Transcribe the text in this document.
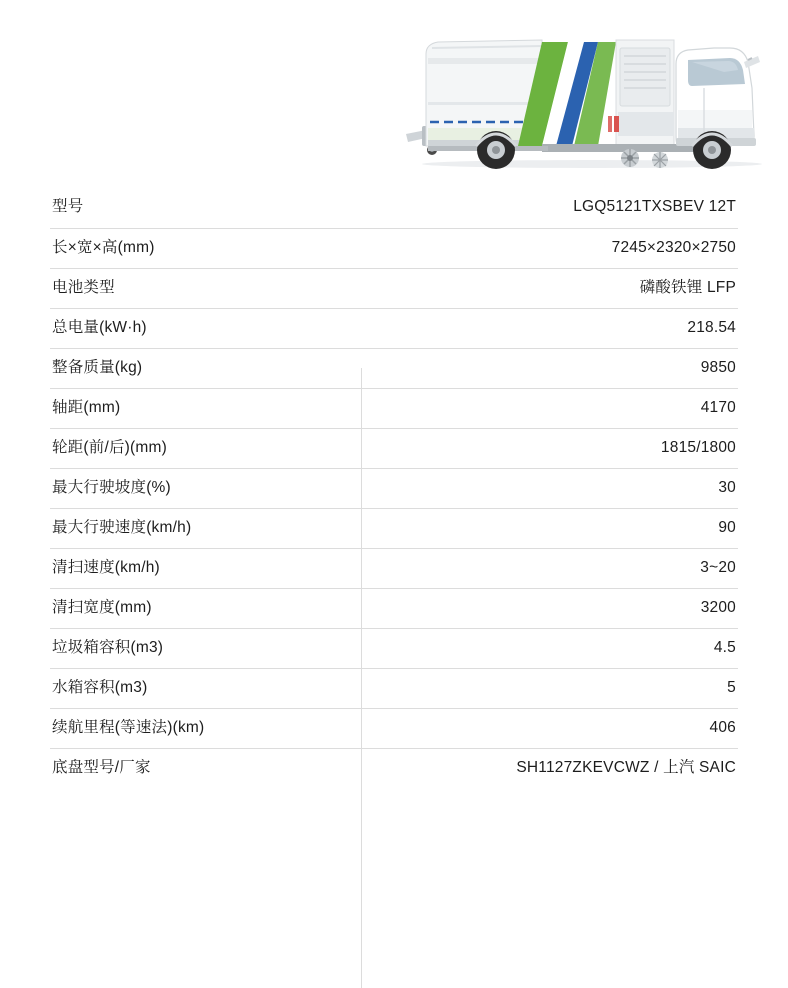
型号	LGQ5121TXSBEV 12T
长×宽×高(mm)	7245×2320×2750
电池类型	磷酸铁锂 LFP
总电量(kW·h)	218.54
整备质量(kg)	9850
轴距(mm)	4170
轮距(前/后)(mm)	1815/1800
最大行驶坡度(%)	30
最大行驶速度(km/h)	90
清扫速度(km/h)	3~20
清扫宽度(mm)	3200
垃圾箱容积(m3)	4.5
水箱容积(m3)	5
续航里程(等速法)(km)	406
底盘型号/厂家	SH1127ZKEVCWZ / 上汽 SAIC
